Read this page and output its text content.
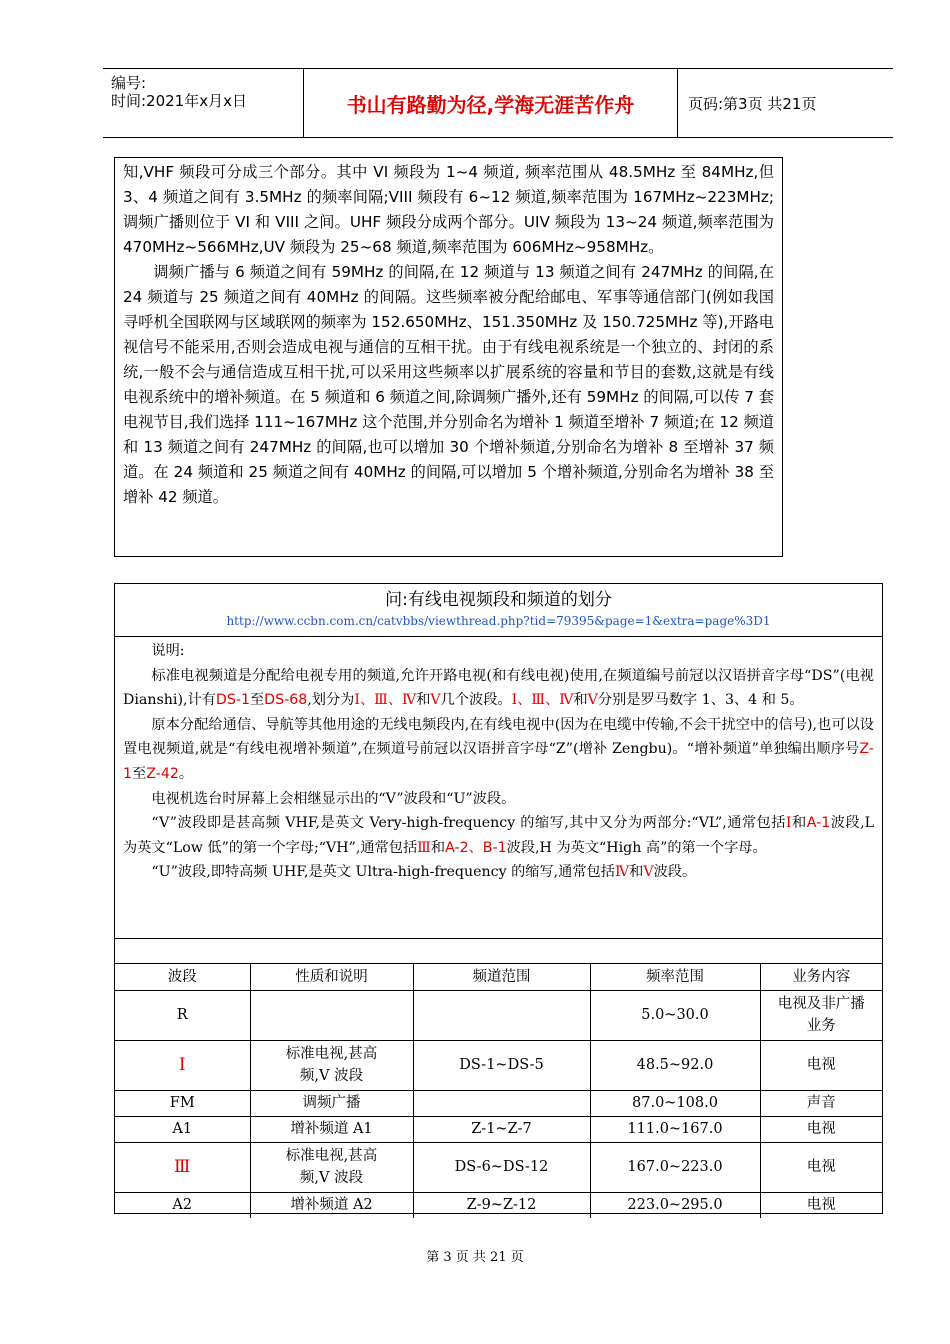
编号:
时间:2021年x月x日	书山有路勤为径,学海无涯苦作舟	页码:第3页 共21页

知,VHF 频段可分成三个部分。其中 VI 频段为 1~4 频道, 频率范围从 48.5MHz 至 84MHz,但 3、4 频道之间有 3.5MHz 的频率间隔;VIII 频段有 6~12 频道,频率范围为 167MHz~223MHz;调频广播则位于 VI 和 VIII 之间。UHF 频段分成两个部分。UIV 频段为 13~24 频道,频率范围为 470MHz~566MHz,UV 频段为 25~68 频道,频率范围为 606MHz~958MHz。

调频广播与 6 频道之间有 59MHz 的间隔,在 12 频道与 13 频道之间有 247MHz 的间隔,在 24 频道与 25 频道之间有 40MHz 的间隔。这些频率被分配给邮电、军事等通信部门(例如我国寻呼机全国联网与区域联网的频率为 152.650MHz、151.350MHz 及 150.725MHz 等),开路电视信号不能采用,否则会造成电视与通信的互相干扰。由于有线电视系统是一个独立的、封闭的系统,一般不会与通信造成互相干扰,可以采用这些频率以扩展系统的容量和节目的套数,这就是有线电视系统中的增补频道。在 5 频道和 6 频道之间,除调频广播外,还有 59MHz 的间隔,可以传 7 套电视节目,我们选择 111~167MHz 这个范围,并分别命名为增补 1 频道至增补 7 频道;在 12 频道和 13 频道之间有 247MHz 的间隔,也可以增加 30 个增补频道,分别命名为增补 8 至增补 37 频道。在 24 频道和 25 频道之间有 40MHz 的间隔,可以增加 5 个增补频道,分别命名为增补 38 至增补 42 频道。

问:有线电视频段和频道的划分
http://www.ccbn.com.cn/catvbbs/viewthread.php?tid=79395&page=1&extra=page%3D1

说明:

标准电视频道是分配给电视专用的频道,允许开路电视(和有线电视)使用,在频道编号前冠以汉语拼音字母“DS”(电视 Dianshi),计有DS-1至DS-68,划分为Ⅰ、Ⅲ、Ⅳ和Ⅴ几个波段。Ⅰ、Ⅲ、Ⅳ和Ⅴ分别是罗马数字 1、3、4 和 5。

原本分配给通信、导航等其他用途的无线电频段内,在有线电视中(因为在电缆中传输,不会干扰空中的信号),也可以设置电视频道,就是“有线电视增补频道”,在频道号前冠以汉语拼音字母“Z”(增补 Zengbu)。“增补频道”单独编出顺序号Z-1至Z-42。

电视机选台时屏幕上会相继显示出的“V”波段和“U”波段。

“V”波段即是甚高频 VHF,是英文 Very-high-frequency 的缩写,其中又分为两部分:“VL”,通常包括Ⅰ和A-1波段,L 为英文“Low 低”的第一个字母;“VH”,通常包括Ⅲ和A-2、B-1波段,H 为英文“High 高”的第一个字母。

“U”波段,即特高频 UHF,是英文 Ultra-high-frequency 的缩写,通常包括Ⅳ和Ⅴ波段。

波段	性质和说明	频道范围	频率范围	业务内容
R			5.0~30.0	电视及非广播业务
Ⅰ	标准电视,甚高频,V 波段	DS-1~DS-5	48.5~92.0	电视
FM	调频广播		87.0~108.0	声音
A1	增补频道 A1	Z-1~Z-7	111.0~167.0	电视
Ⅲ	标准电视,甚高频,V 波段	DS-6~DS-12	167.0~223.0	电视
A2	增补频道 A2	Z-9~Z-12	223.0~295.0	电视
第 3 页 共 21 页
